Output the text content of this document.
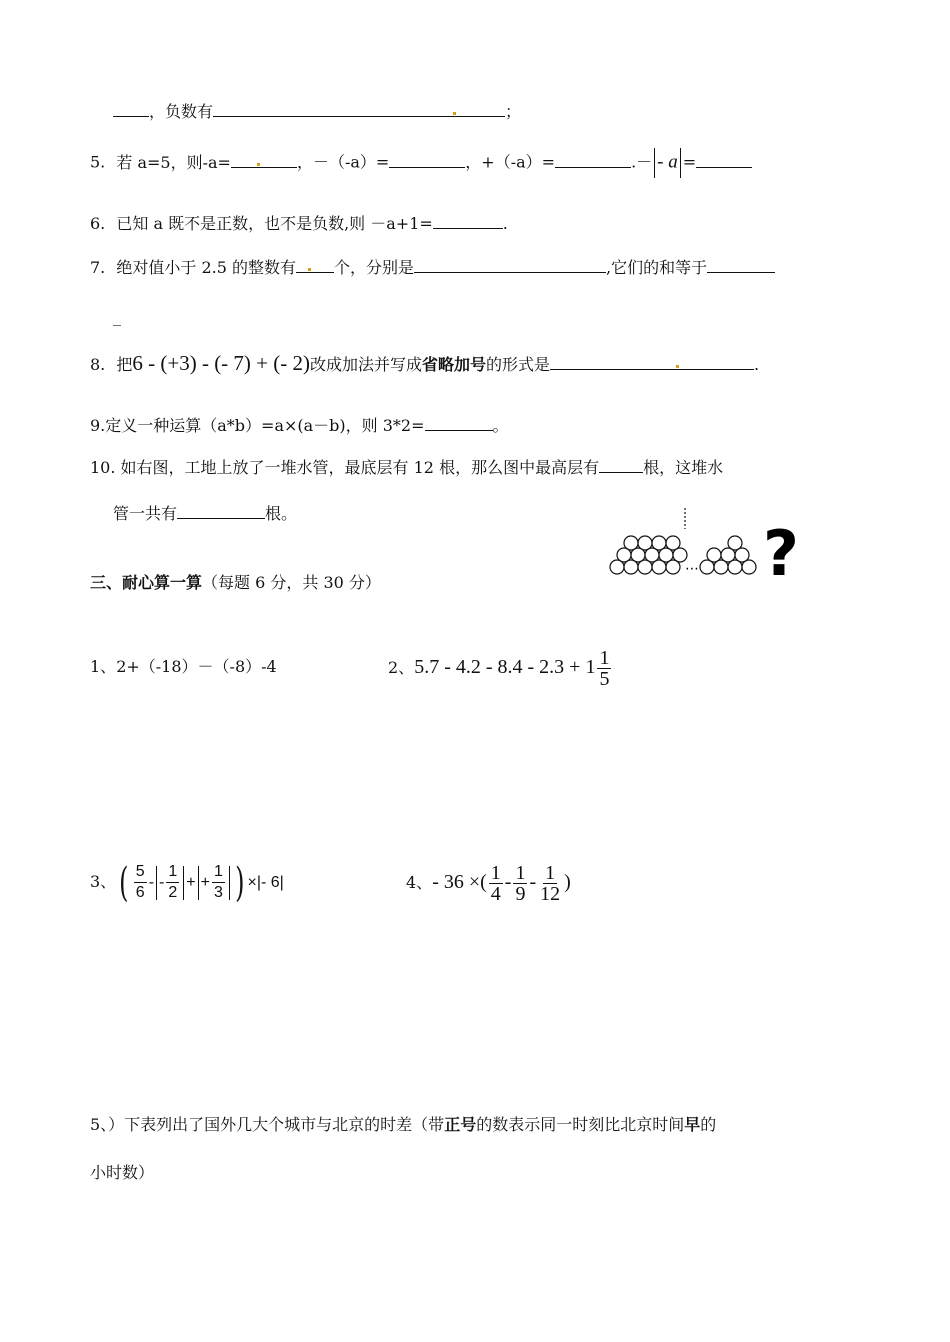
，负数有	；
5. 若 a=5，则-a=	，－（-a）=	，+（-a）=	.－ - a =
6. 已知 a 既不是正数，也不是负数,则 －a+1=	.
7. 绝对值小于 2.5 的整数有 个，分别是	,它们的和等于
_
8. 把6 - (+3) - (- 7) + (- 2)改成加法并写成省略加号的形式是	.
9.定义一种运算（a*b）=a×(a－b)，则 3*2=	。
10. 如右图，工地上放了一堆水管，最底层有 12 根，那么图中最高层有	根，这堆水
管一共有	根。
⋯ ?
三、耐心算一算（每题 6 分，共 30 分）
1、2+（-18）－（-8）-4	2、$5.7 - 4.2 - 8.4 - 2.3 + 1 \frac{1}{5}$
3、( $\frac{5}{6}$ - - $\frac{1}{2}$ + + $\frac{1}{3}$ ) ×|- 6|	4、- 36 ×( $\frac{1}{4} - \frac{1}{9} - \frac{1}{12}$ )
5、）下表列出了国外几大个城市与北京的时差（带正号的数表示同一时刻比北京时间早的
小时数）
